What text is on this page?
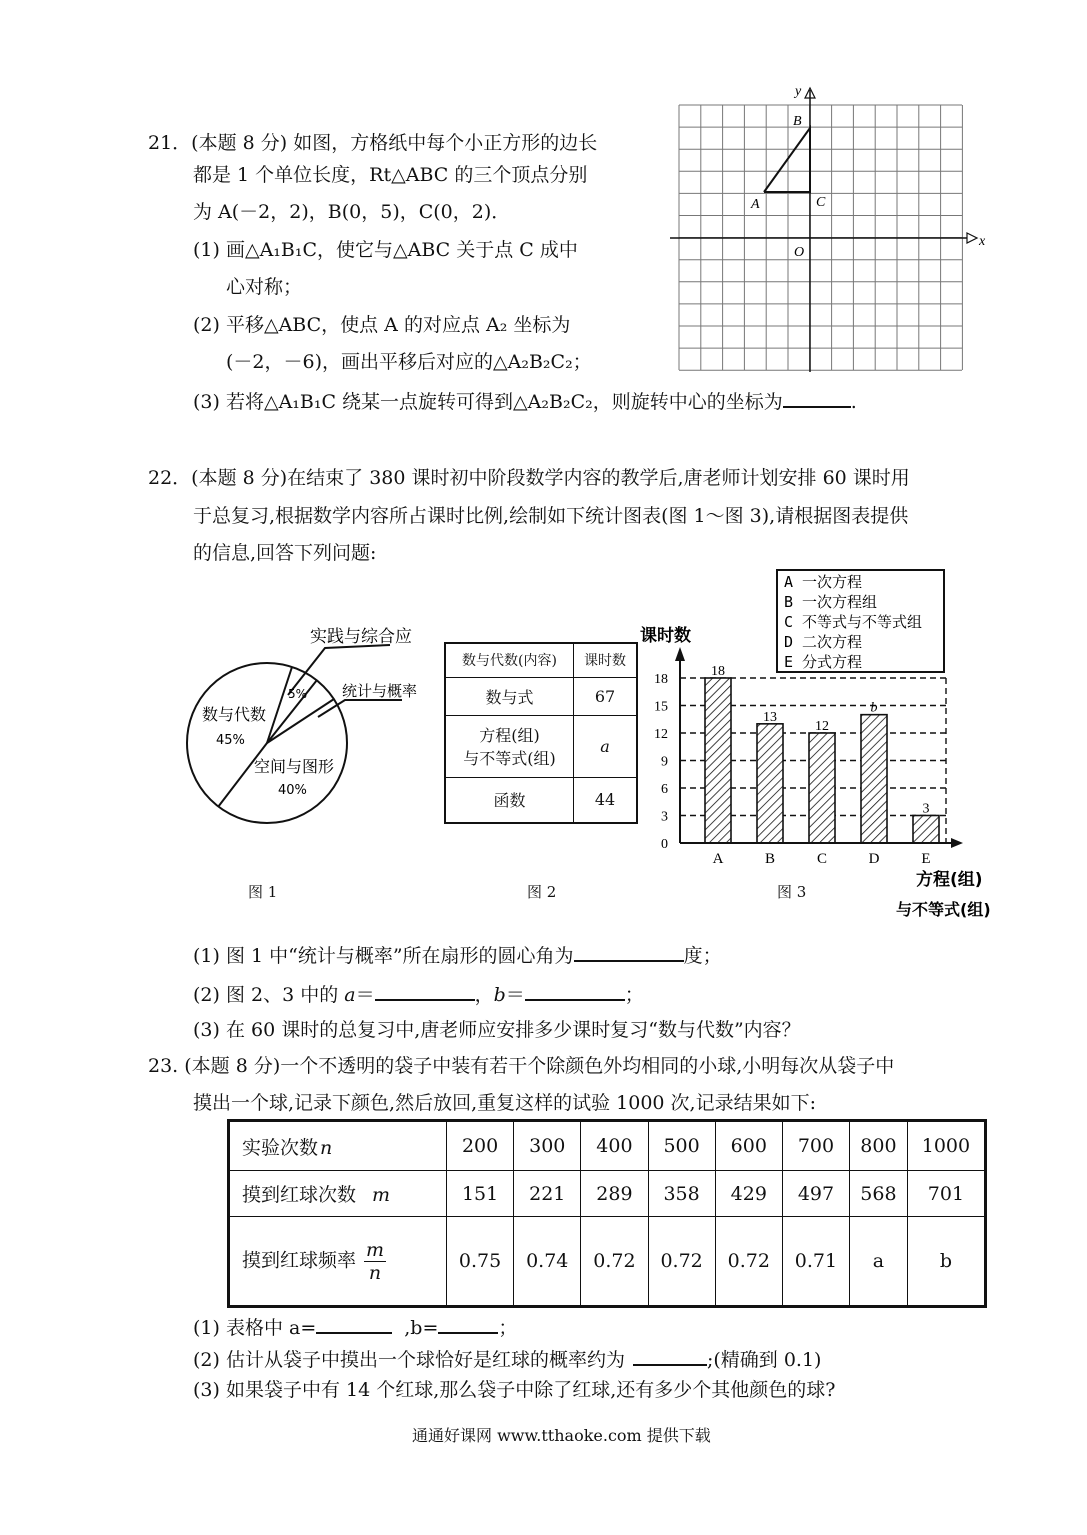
21．(本题 8 分) 如图，方格纸中每个小正方形的边长
都是 1 个单位长度，Rt△ABC 的三个顶点分别
为 A(－2，2)，B(0，5)，C(0，2)．
(1) 画△A₁B₁C，使它与△ABC 关于点 C 成中
心对称；
(2) 平移△ABC，使点 A 的对应点 A₂ 坐标为
(－2，－6)，画出平移后对应的△A₂B₂C₂；
(3) 若将△A₁B₁C 绕某一点旋转可得到△A₂B₂C₂，则旋转中心的坐标为	.
x
y
O
A
B
C
22．(本题 8 分)在结束了 380 课时初中阶段数学内容的教学后,唐老师计划安排 60 课时用
于总复习,根据数学内容所占课时比例,绘制如下统计图表(图 1～图 3),请根据图表提供
的信息,回答下列问题:
实践与综合应
统计与概率
数与代数
45%
空间与图形
40%
5%
数与代数(内容)	课时数
数与式	67

方程(组)
与不等式(组)	a
函数	44
A 一次方程
B 一次方程组
C 不等式与不等式组
D 二次方程
E 分式方程
0
3
6
9
12
15
18
18
A
13
B
12
C
b
D
3
E
课时数
方程(组)
与不等式(组)
图 1	图 2	图 3
(1) 图 1 中“统计与概率”所在扇形的圆心角为	度；
(2) 图 2、3 中的 a＝	，b＝	；
(3) 在 60 课时的总复习中,唐老师应安排多少课时复习“数与代数”内容？
23. (本题 8 分)一个不透明的袋子中装有若干个除颜色外均相同的小球,小明每次从袋子中
摸出一个球,记录下颜色,然后放回,重复这样的试验 1000 次,记录结果如下:
实验次数 n	200	300	400	500	600	700	800	1000
摸到红球次数 m	151	221	289	358	429	497	568	701
摸到红球频率 $\frac{m}{n}$	0.75	0.74	0.72	0.72	0.72	0.71	a	b
(1) 表格中 a=	,b=	；
(2) 估计从袋子中摸出一个球恰好是红球的概率约为	;(精确到 0.1)
(3) 如果袋子中有 14 个红球,那么袋子中除了红球,还有多少个其他颜色的球?
通通好课网 www.tthaoke.com 提供下载
